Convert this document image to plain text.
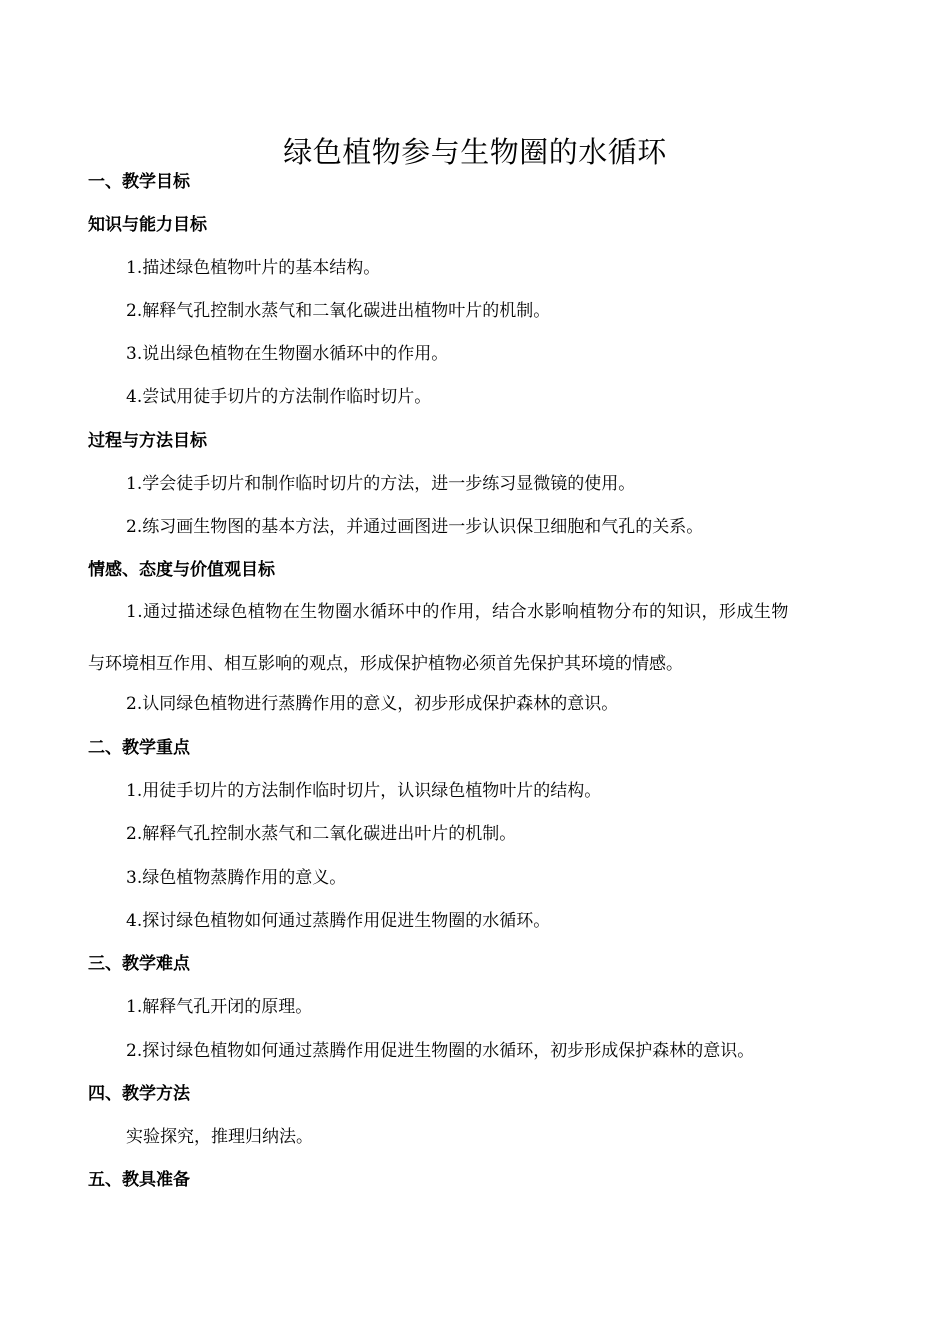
绿色植物参与生物圈的水循环
一、教学目标
知识与能力目标
1.描述绿色植物叶片的基本结构。
2.解释气孔控制水蒸气和二氧化碳进出植物叶片的机制。
3.说出绿色植物在生物圈水循环中的作用。
4.尝试用徒手切片的方法制作临时切片。
过程与方法目标
1.学会徒手切片和制作临时切片的方法，进一步练习显微镜的使用。
2.练习画生物图的基本方法，并通过画图进一步认识保卫细胞和气孔的关系。
情感、态度与价值观目标
1.通过描述绿色植物在生物圈水循环中的作用，结合水影响植物分布的知识，形成生物
与环境相互作用、相互影响的观点，形成保护植物必须首先保护其环境的情感。
2.认同绿色植物进行蒸腾作用的意义，初步形成保护森林的意识。
二、教学重点
1.用徒手切片的方法制作临时切片，认识绿色植物叶片的结构。
2.解释气孔控制水蒸气和二氧化碳进出叶片的机制。
3.绿色植物蒸腾作用的意义。
4.探讨绿色植物如何通过蒸腾作用促进生物圈的水循环。
三、教学难点
1.解释气孔开闭的原理。
2.探讨绿色植物如何通过蒸腾作用促进生物圈的水循环，初步形成保护森林的意识。
四、教学方法
实验探究，推理归纳法。
五、教具准备
